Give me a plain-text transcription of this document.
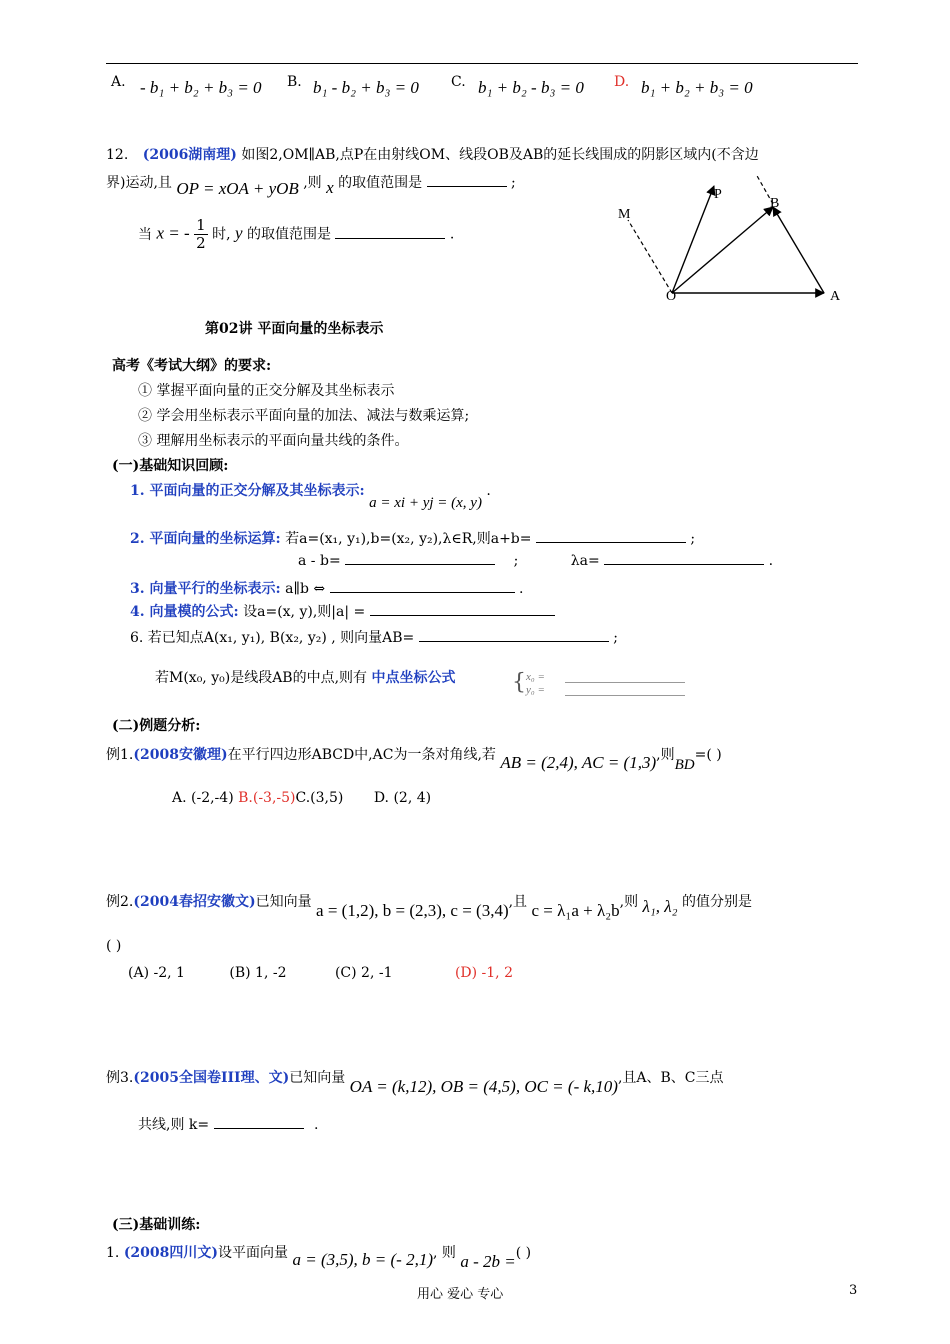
A. - b₁ + b₂ + b₃ = 0 B. b₁ - b₂ + b₃ = 0 C. b₁ + b₂ - b₃ = 0 D. b₁ + b₂ + b₃ = 0
12. (2006湖南理) 如图2,OM∥AB,点P在由射线OM、线段OB及AB的延长线围成的阴影区域内(不含边
界)运动,且 OP = xOA + yOB ,则 x 的取值范围是	;
当 x = - $\frac{1}{2}$ 时, y 的取值范围是	.
M
P
B
O	A
第02讲 平面向量的坐标表示
高考《考试大纲》的要求:
① 掌握平面向量的正交分解及其坐标表示
② 学会用坐标表示平面向量的加法、减法与数乘运算;
③ 理解用坐标表示的平面向量共线的条件。
(一)基础知识回顾:
1. 平面向量的正交分解及其坐标表示: a = xi + yj = (x, y) .
2. 平面向量的坐标运算: 若a=(x₁, y₁),b=(x₂, y₂),λ∈R,则a+b=	;
a - b=	;	λa=	.
3. 向量平行的坐标表示: a∥b ⇔	.
4. 向量模的公式: 设a=(x, y),则|a| =
6. 若已知点A(x₁, y₁), B(x₂, y₂) , 则向量AB=	;
若M(x₀, y₀)是线段AB的中点,则有 中点坐标公式	{ x₀ =
y₀ =
(二)例题分析:
例1.(2008安徽理)在平行四边形ABCD中,AC为一条对角线,若 AB = (2,4), AC = (1,3),则BD=( )
A. (-2,-4) B.(-3,-5)C.(3,5) D. (2, 4)
例2.(2004春招安徽文)已知向量 a = (1,2), b = (2,3), c = (3,4),且 c = λ₁a + λ₂b,则 λ₁, λ₂ 的值分别是
( )
(A) -2, 1	(B) 1, -2	(C) 2, -1	(D) -1, 2
例3.(2005全国卷III理、文)已知向量 OA = (k,12), OB = (4,5), OC = (- k,10),且A、B、C三点
共线,则 k=	.
(三)基础训练:
1. (2008四川文)设平面向量 a = (3,5), b = (- 2,1), 则 a - 2b =( )
用心 爱心 专心	3
